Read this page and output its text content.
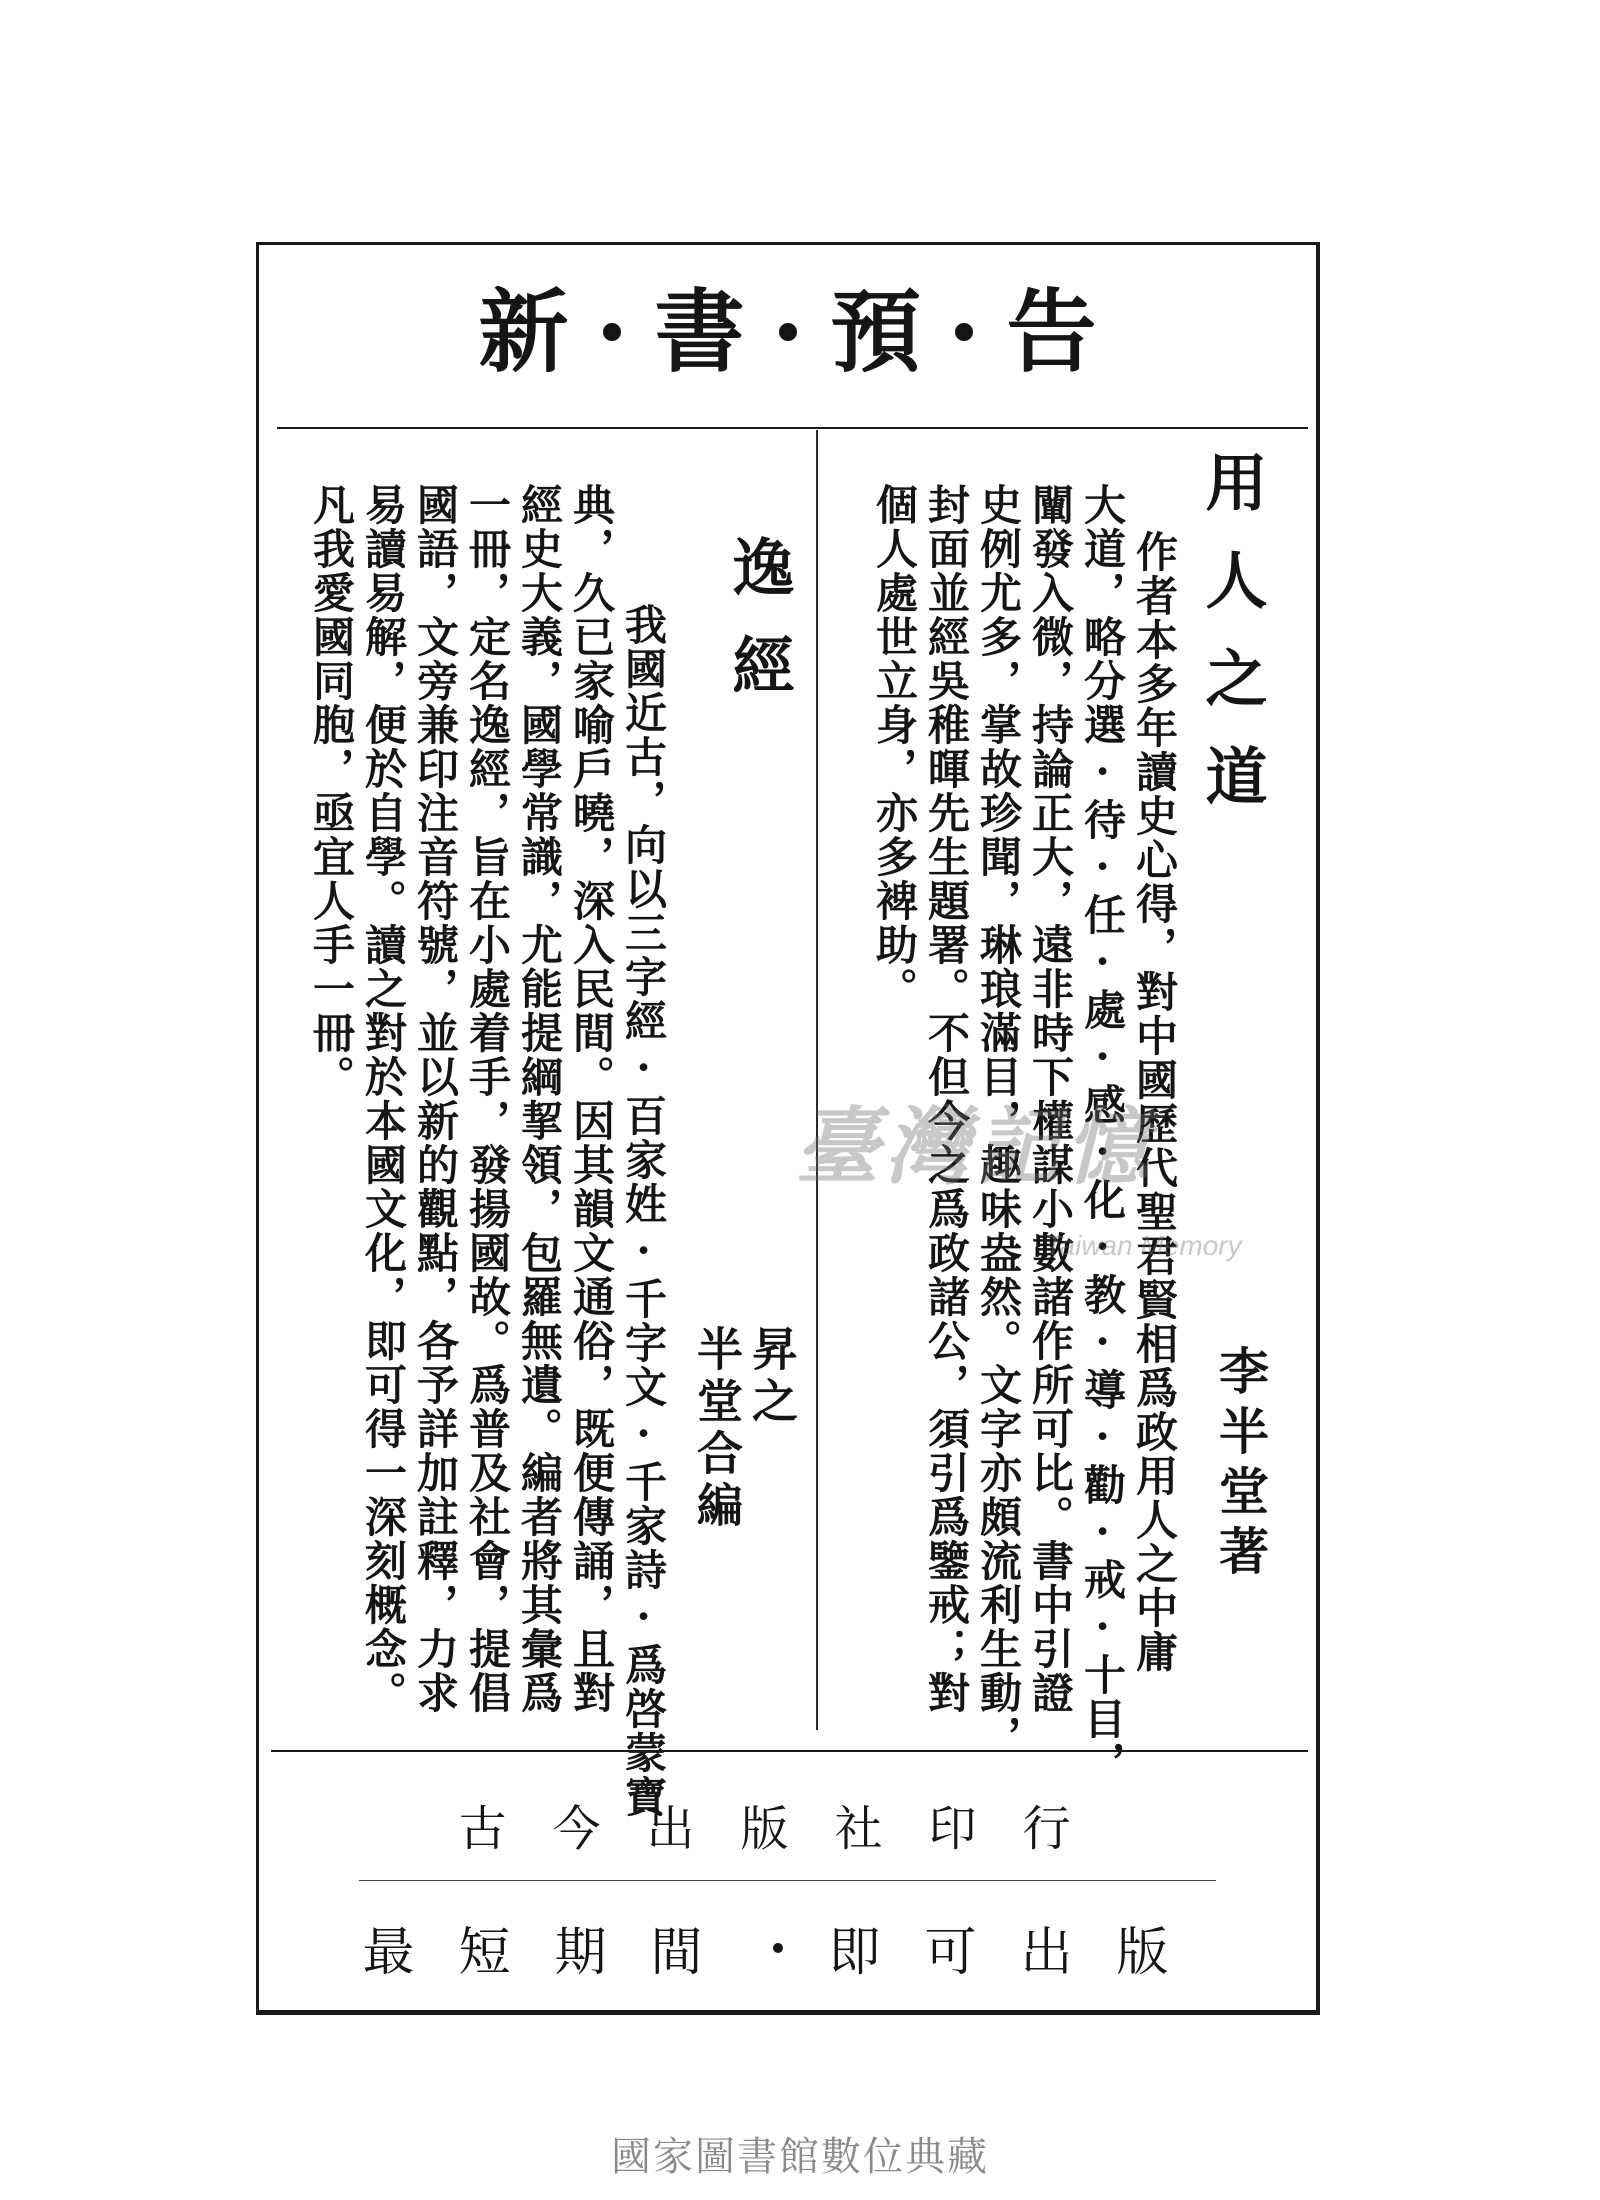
新 書 預 告
用人之道
李半堂著
作者本多年讀史心得，對中國歷代聖君賢相爲政用人之中庸
大道，略分選·待·任·處·感·化·教·導·勸·戒·十目，
闡發入微，持論正大，遠非時下權謀小數諸作所可比。書中引證
史例尤多，掌故珍聞，琳琅滿目，趣味盎然。文字亦頗流利生動，
封面並經吳稚暉先生題署。不但今之爲政諸公，須引爲鑒戒；對
個人處世立身，亦多裨助。
逸經
昇之
半堂合編
我國近古，向以三字經·百家姓·千字文·千家詩·爲啓蒙寶
典，久已家喻戶曉，深入民間。因其韻文通俗，既便傳誦，且對
經史大義，國學常識，尤能提綱挈領，包羅無遺。編者將其彙爲
一冊，定名逸經，旨在小處着手，發揚國故。爲普及社會，提倡
國語，文旁兼印注音符號，並以新的觀點，各予詳加註釋，力求
易讀易解，便於自學。讀之對於本國文化，即可得一深刻概念。
凡我愛國同胞，亟宜人手一冊。
古今出版社印行
最短期間 即可出版
臺灣記憶
Taiwan Memory
國家圖書館數位典藏
